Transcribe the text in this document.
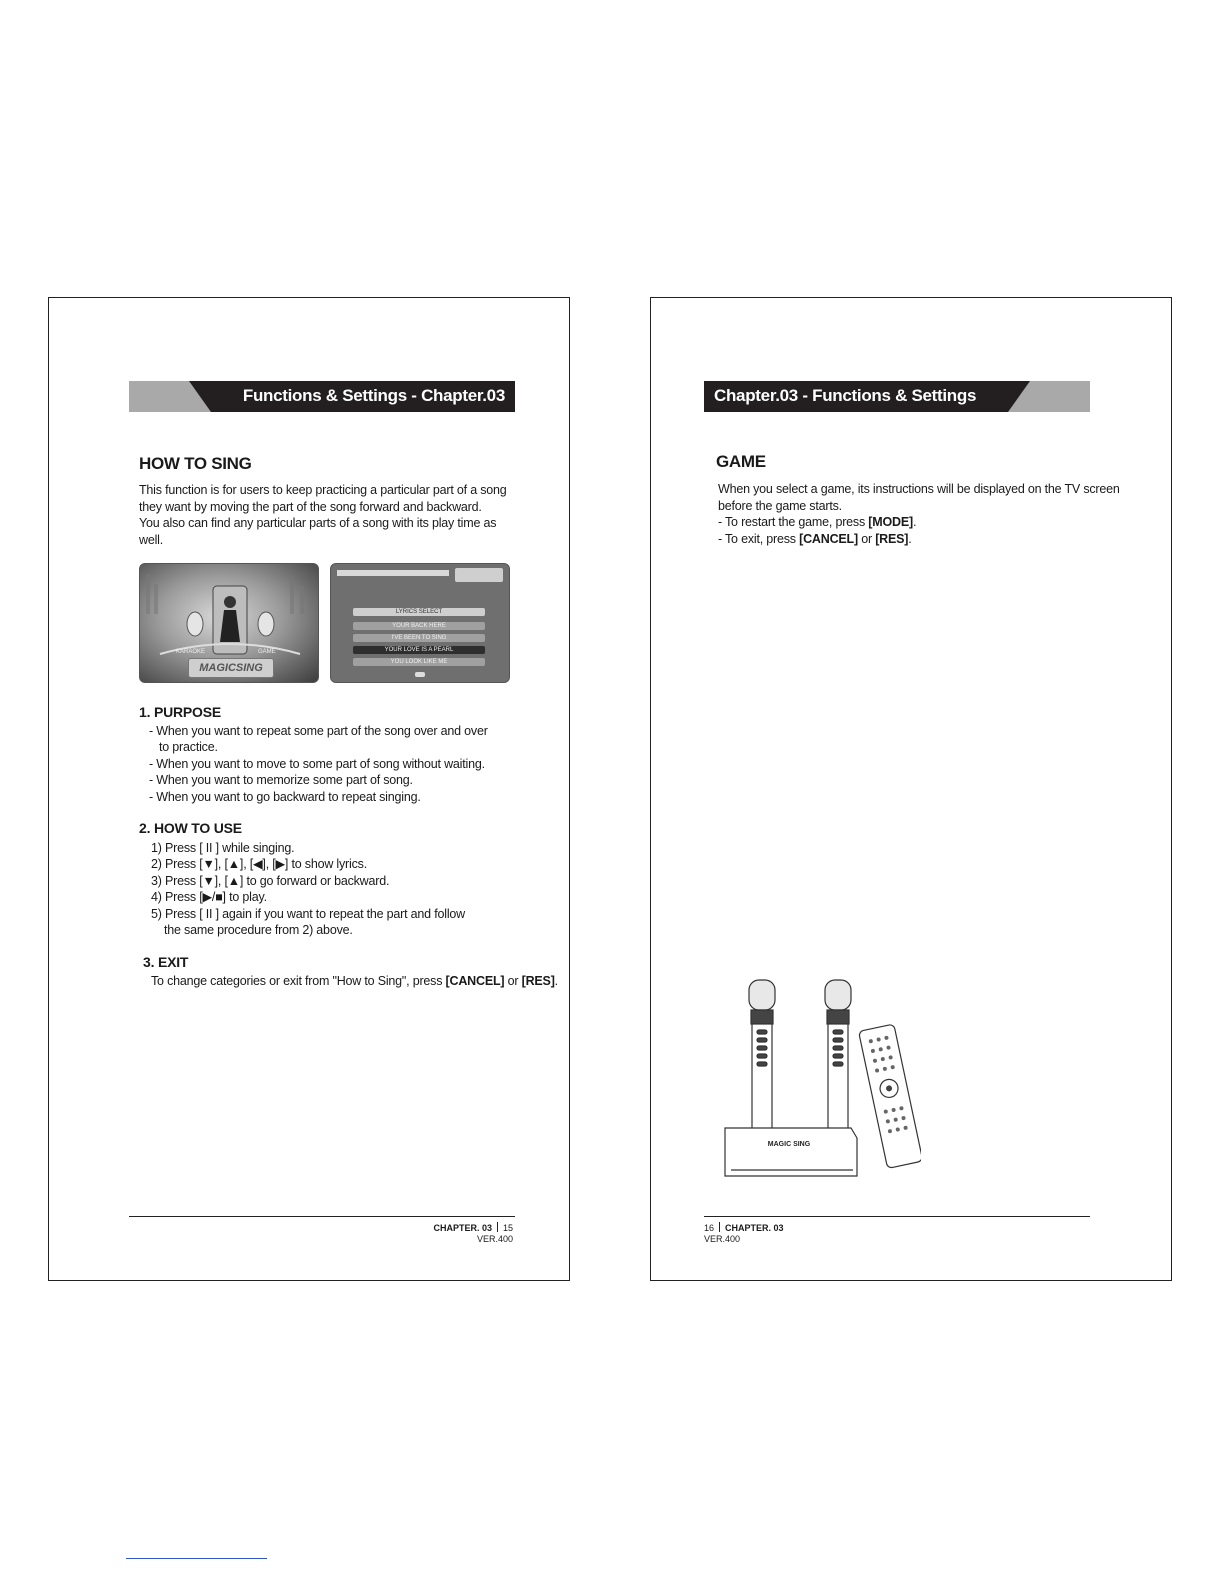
Functions & Settings - Chapter.03
HOW TO SING

This function is for users to keep practicing a particular part of a song

they want by moving the part of the song forward and backward.

You also can find any particular parts of a song with its play time as

well.

KARAOKE	GAME
MAGICSING
LYRICS SELECT
YOUR BACK HERE
I'VE BEEN TO SING
YOUR LOVE IS A PEARL
YOU LOOK LIKE ME
1. PURPOSE
- When you want to repeat some part of the song over and over
to practice.
- When you want to move to some part of song without waiting.
- When you want to memorize some part of song.
- When you want to go backward to repeat singing.
2. HOW TO USE
1) Press [ II ] while singing.
2) Press [▼], [▲], [◀], [▶] to show lyrics.
3) Press [▼], [▲] to go forward or backward.
4) Press [▶/■] to play.
5) Press [ II ] again if you want to repeat the part and follow
the same procedure from 2) above.
3. EXIT
To change categories or exit from "How to Sing", press [CANCEL] or [RES].
CHAPTER. 03 15
VER.400
Chapter.03 - Functions & Settings
GAME

When you select a game, its instructions will be displayed on the TV screen

before the game starts.

- To restart the game, press [MODE].

- To exit, press [CANCEL] or [RES].

MAGIC SING
16 CHAPTER. 03
VER.400
